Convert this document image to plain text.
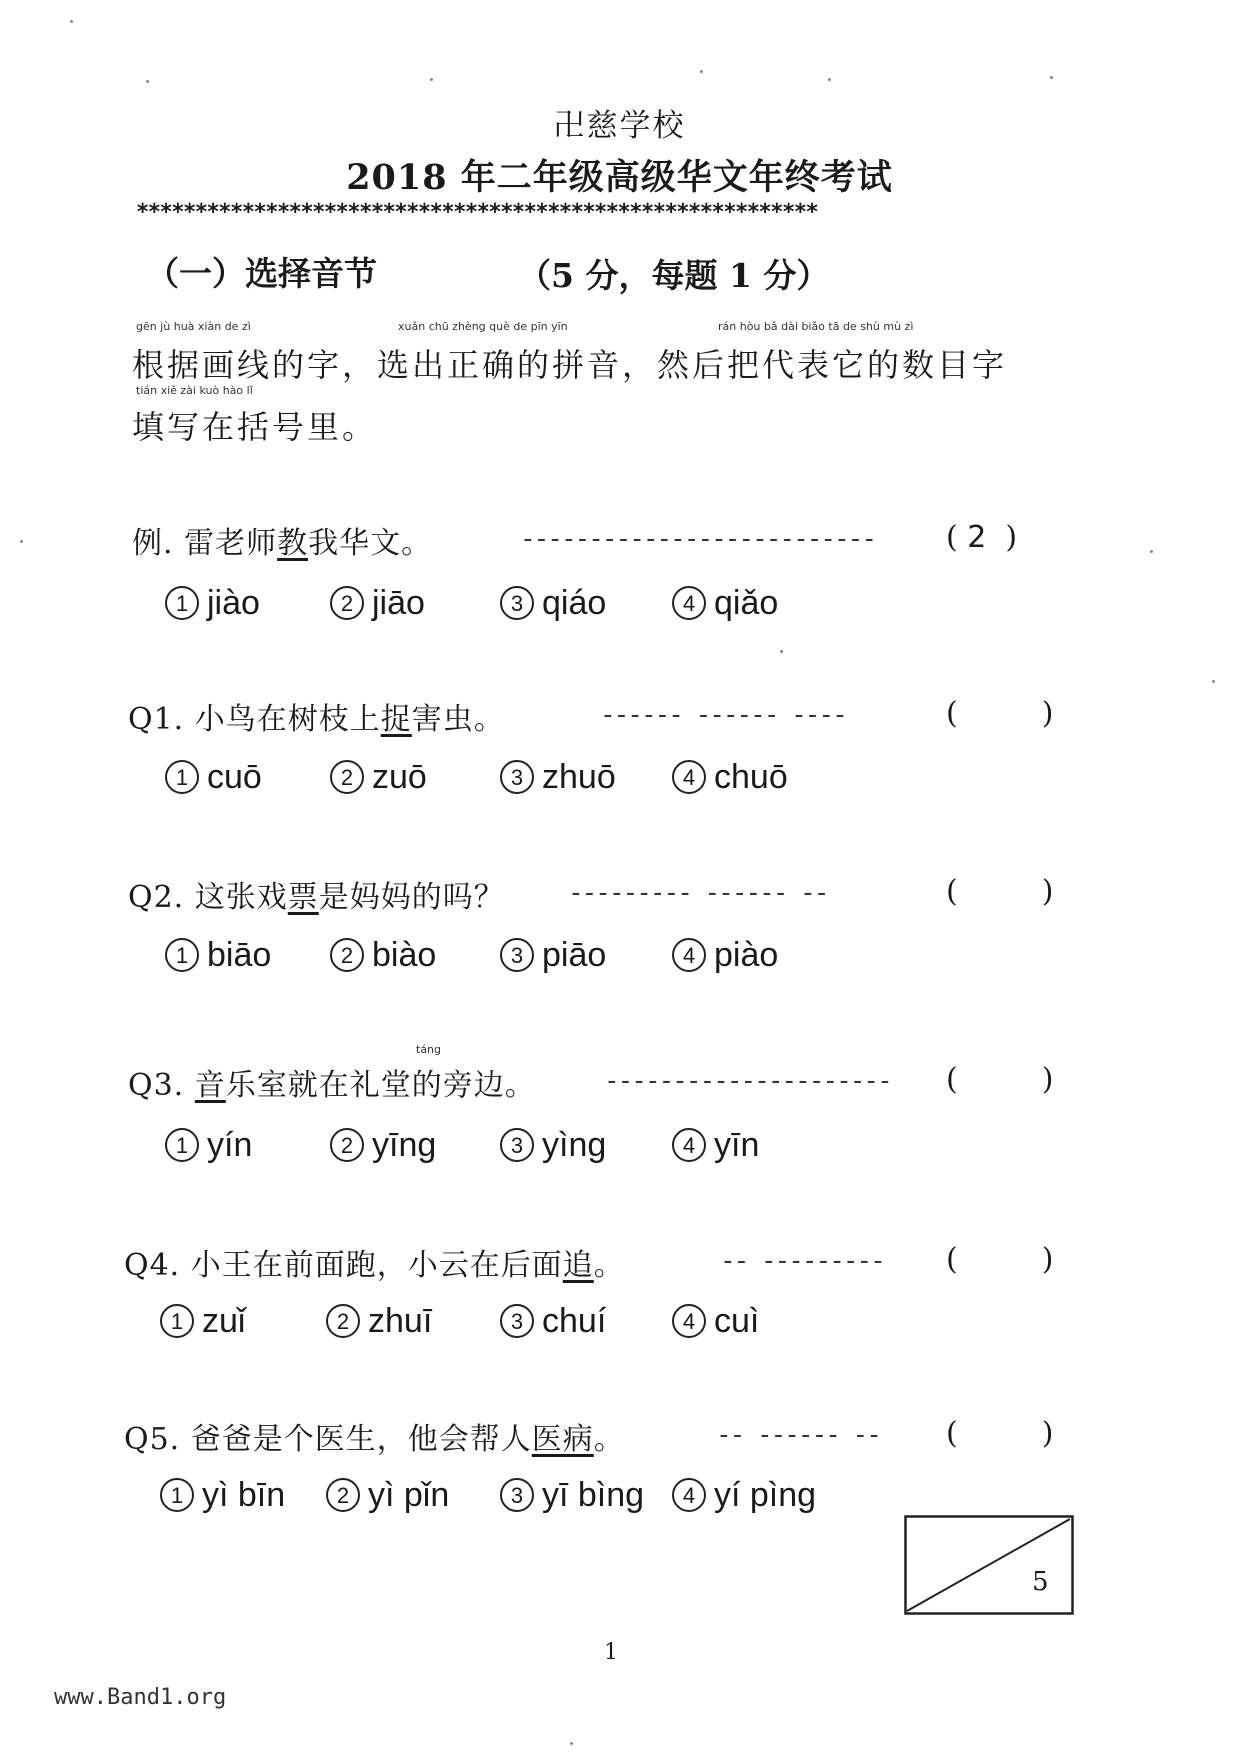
卍慈学校
2018 年二年级高级华文年终考试
**********************************************************
（一）选择音节	（5 分，每题 1 分）
gēn jù huà xiàn de zì	xuǎn chū zhèng què de pīn yīn	rán hòu bǎ dài biǎo tā de shù mù zì
根据画线的字，选出正确的拼音，然后把代表它的数目字
tián xiě zài kuò hào lǐ
填写在括号里。
例. 雷老师教我华文。	-------------------------- ( 2  )
1 jiào	2 jiāo	3 qiáo	4 qiǎo
Q1. 小鸟在树枝上捉害虫。	------ ------ ----	(	)
1 cuō	2 zuō	3 zhuō	4 chuō
Q2. 这张戏票是妈妈的吗？ --------- ------ --	(	)
1 biāo	2 biào	3 piāo	4 piào
táng
Q3. 音乐室就在礼堂的旁边。	--------------------- (	)
1 yín	2 yīng	3 yìng	4 yīn
Q4. 小王在前面跑，小云在后面追。	-- --------- (	)
1 zuǐ	2 zhuī	3 chuí	4 cuì
Q5. 爸爸是个医生，他会帮人医病。	-- ------ -- (	)
1 yì bīn	2 yì pǐn	3 yī bìng	4 yí pìng
5
1
www.Band1.org
